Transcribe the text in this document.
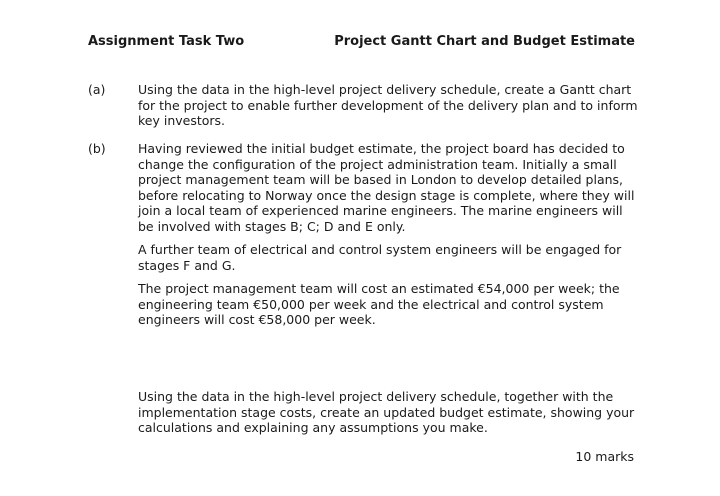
Assignment Task Two	Project Gantt Chart and Budget Estimate
(a)	Using the data in the high-level project delivery schedule, create a Gantt chart for the project to enable further development of the delivery plan and to inform key investors.

(b)	Having reviewed the initial budget estimate, the project board has decided to change the configuration of the project administration team. Initially a small project management team will be based in London to develop detailed plans, before relocating to Norway once the design stage is complete, where they will join a local team of experienced marine engineers. The marine engineers will be involved with stages B; C; D and E only.

A further team of electrical and control system engineers will be engaged for stages F and G.

The project management team will cost an estimated €54,000 per week; the engineering team €50,000 per week and the electrical and control system engineers will cost €58,000 per week.

Using the data in the high-level project delivery schedule, together with the implementation stage costs, create an updated budget estimate, showing your calculations and explaining any assumptions you make.

10 marks
